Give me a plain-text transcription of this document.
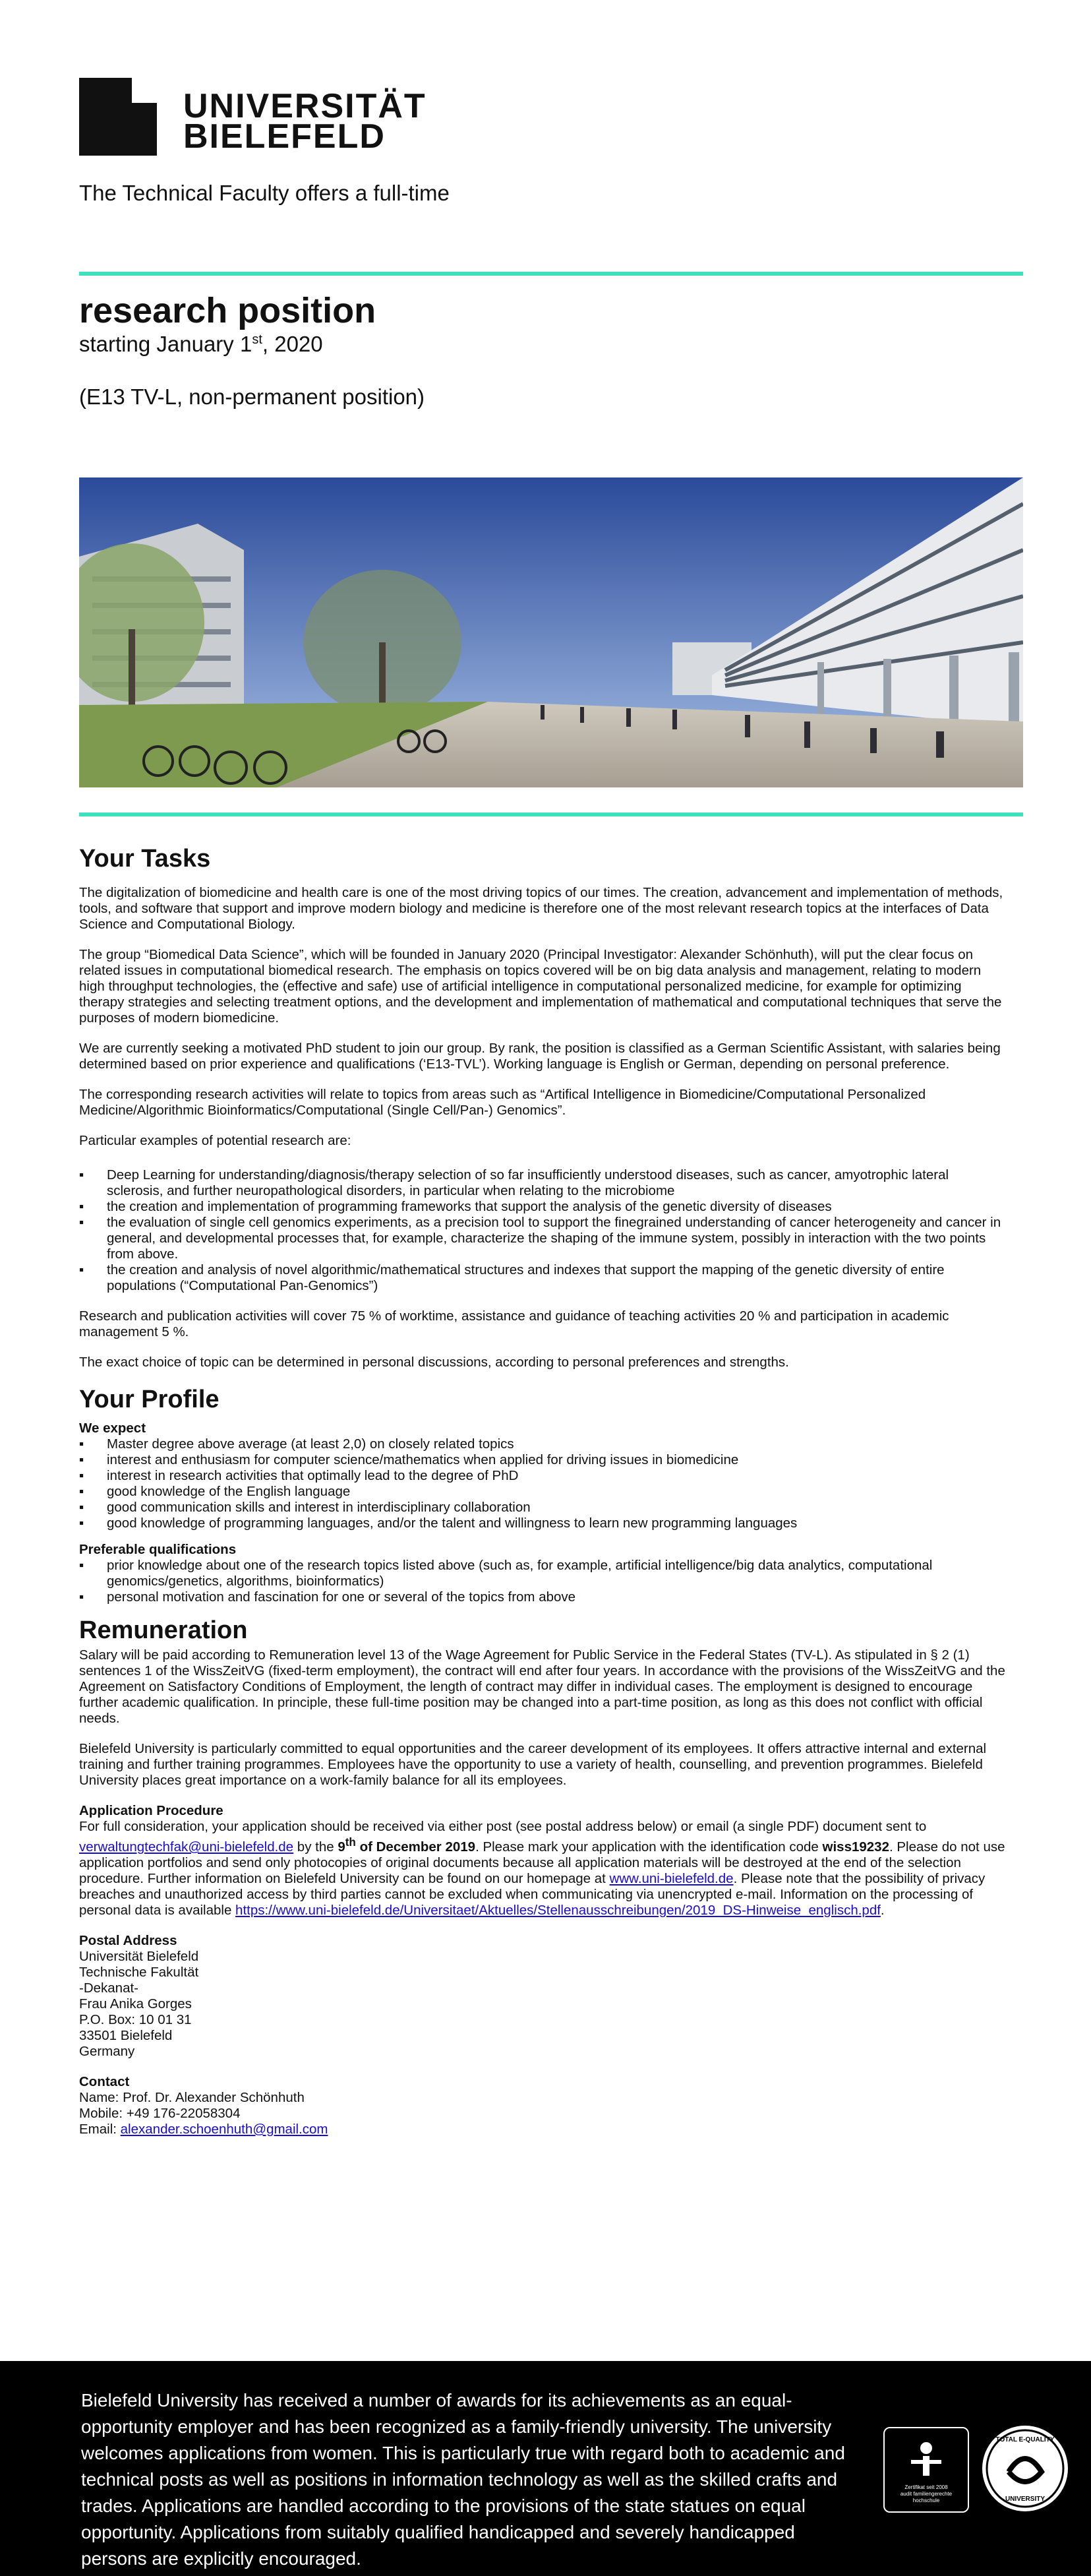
UNIVERSITÄT
BIELEFELD
The Technical Faculty offers a full-time
research position
starting January 1st, 2020
(E13 TV-L, non-permanent position)
Your Tasks

The digitalization of biomedicine and health care is one of the most driving topics of our times. The creation, advancement and implementation of methods, tools, and software that support and improve modern biology and medicine is therefore one of the most relevant research topics at the interfaces of Data Science and Computational Biology.

The group “Biomedical Data Science”, which will be founded in January 2020 (Principal Investigator: Alexander Schönhuth), will put the clear focus on related issues in computational biomedical research. The emphasis on topics covered will be on big data analysis and management, relating to modern high throughput technologies, the (effective and safe) use of artificial intelligence in computational personalized medicine, for example for optimizing therapy strategies and selecting treatment options, and the development and implementation of mathematical and computational techniques that serve the purposes of modern biomedicine.

We are currently seeking a motivated PhD student to join our group. By rank, the position is classified as a German Scientific Assistant, with salaries being determined based on prior experience and qualifications (‘E13-TVL’). Working language is English or German, depending on personal preference.

The corresponding research activities will relate to topics from areas such as “Artifical Intelligence in Biomedicine/Computational Personalized Medicine/Algorithmic Bioinformatics/Computational (Single Cell/Pan-) Genomics”.

Particular examples of potential research are:

▪ Deep Learning for understanding/diagnosis/therapy selection of so far insufficiently understood diseases, such as cancer, amyotrophic lateral sclerosis, and further neuropathological disorders, in particular when relating to the microbiome
▪ the creation and implementation of programming frameworks that support the analysis of the genetic diversity of diseases
▪ the evaluation of single cell genomics experiments, as a precision tool to support the finegrained understanding of cancer heterogeneity and cancer in general, and developmental processes that, for example, characterize the shaping of the immune system, possibly in interaction with the two points from above.
▪ the creation and analysis of novel algorithmic/mathematical structures and indexes that support the mapping of the genetic diversity of entire populations (“Computational Pan-Genomics”)

Research and publication activities will cover 75 % of worktime, assistance and guidance of teaching activities 20 % and participation in academic management 5 %.

The exact choice of topic can be determined in personal discussions, according to personal preferences and strengths.

Your Profile
We expect
▪ Master degree above average (at least 2,0) on closely related topics
▪ interest and enthusiasm for computer science/mathematics when applied for driving issues in biomedicine
▪ interest in research activities that optimally lead to the degree of PhD
▪ good knowledge of the English language
▪ good communication skills and interest in interdisciplinary collaboration
▪ good knowledge of programming languages, and/or the talent and willingness to learn new programming languages
Preferable qualifications
▪ prior knowledge about one of the research topics listed above (such as, for example, artificial intelligence/big data analytics, computational genomics/genetics, algorithms, bioinformatics)
▪ personal motivation and fascination for one or several of the topics from above
Remuneration

Salary will be paid according to Remuneration level 13 of the Wage Agreement for Public Service in the Federal States (TV-L). As stipulated in § 2 (1) sentences 1 of the WissZeitVG (fixed-term employment), the contract will end after four years. In accordance with the provisions of the WissZeitVG and the Agreement on Satisfactory Conditions of Employment, the length of contract may differ in individual cases. The employment is designed to encourage further academic qualification. In principle, these full-time position may be changed into a part-time position, as long as this does not conflict with official needs.

Bielefeld University is particularly committed to equal opportunities and the career development of its employees. It offers attractive internal and external training and further training programmes. Employees have the opportunity to use a variety of health, counselling, and prevention programmes. Bielefeld University places great importance on a work-family balance for all its employees.

Application Procedure
For full consideration, your application should be received via either post (see postal address below) or email (a single PDF) document sent to verwaltungtechfak@uni-bielefeld.de by the 9th of December 2019. Please mark your application with the identification code wiss19232. Please do not use application portfolios and send only photocopies of original documents because all application materials will be destroyed at the end of the selection procedure. Further information on Bielefeld University can be found on our homepage at www.uni-bielefeld.de. Please note that the possibility of privacy breaches and unauthorized access by third parties cannot be excluded when communicating via unencrypted e-mail. Information on the processing of personal data is available https://www.uni-bielefeld.de/Universitaet/Aktuelles/Stellenausschreibungen/2019_DS-Hinweise_englisch.pdf.
Postal Address
Universität Bielefeld
Technische Fakultät
-Dekanat-
Frau Anika Gorges
P.O. Box: 10 01 31
33501 Bielefeld
Germany
Contact
Name: Prof. Dr. Alexander Schönhuth
Mobile: +49 176-22058304
Email: alexander.schoenhuth@gmail.com
Bielefeld University has received a number of awards for its achievements as an equal-opportunity employer and has been recognized as a family-friendly university. The university welcomes applications from women. This is particularly true with regard both to academic and technical posts as well as positions in information technology as well as the skilled crafts and trades. Applications are handled according to the provisions of the state statues on equal opportunity. Applications from suitably qualified handicapped and severely handicapped persons are explicitly encouraged.
Zertifikat seit 2008
audit familiengerechte
hochschule
TOTAL E-QUALITY
UNIVERSITY
